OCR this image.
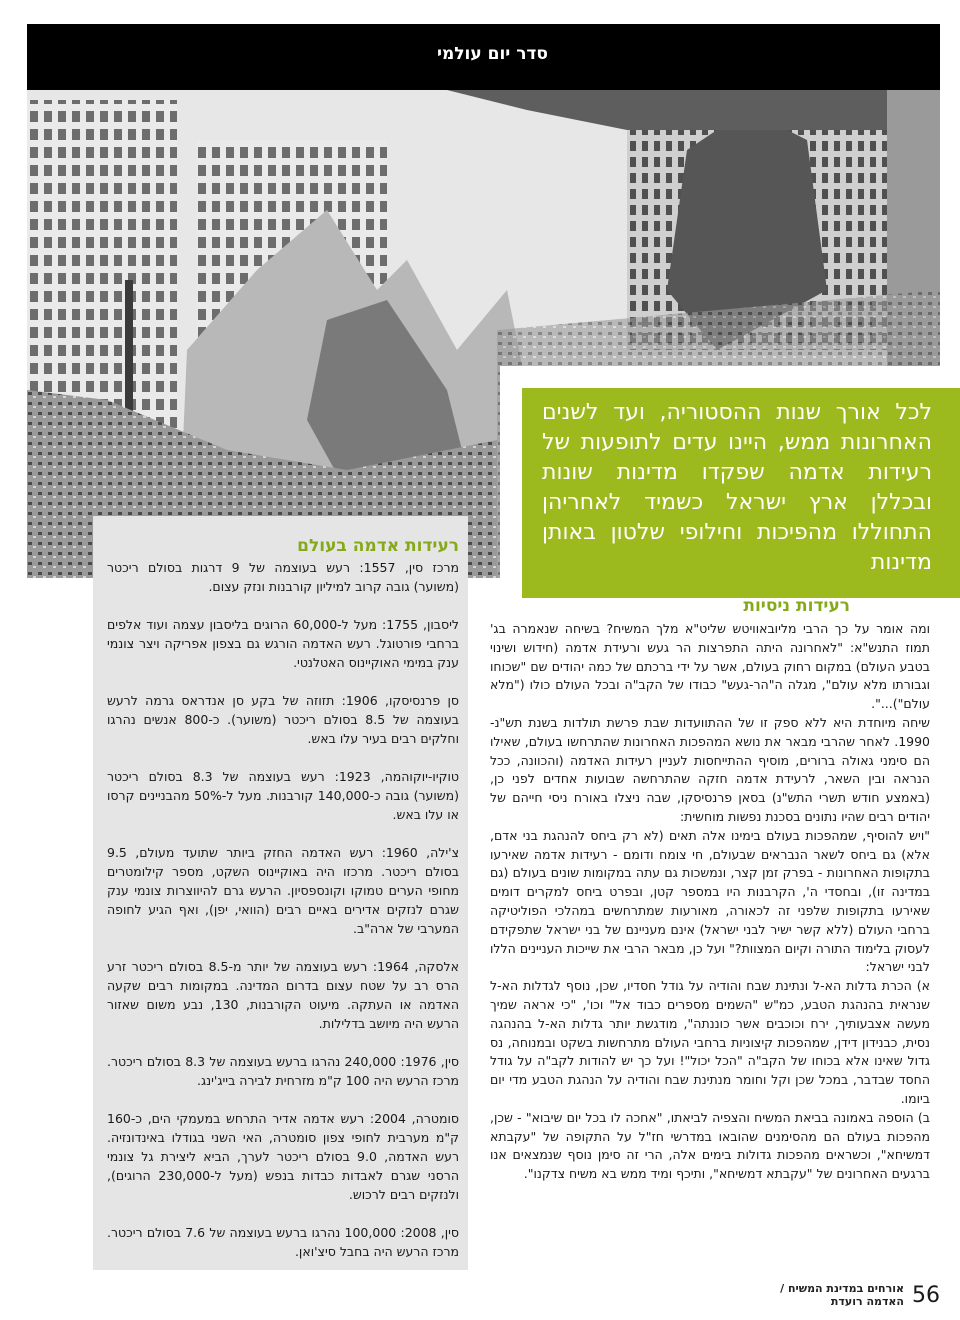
סדר יום עולמי
לכל אורך שנות ההסטוריה, ועד לשנים האחרונות ממש, היינו עדים לתופעות של רעידות אדמה שפקדו מדינות שונות ובכללן ארץ ישראל כשמיד לאחריהן התחוללו מהפיכות וחילופי שלטון באותן מדינות
רעידות אדמה בעולם
מרכז סין, 1557: רעש בעוצמה של 9 דרגות בסולם ריכטר (משוער) גובה קרוב למיליון קורבנות ונזק עצום.
ליסבון, 1755: מעל ל-60,000 הרוגים בליסבון עצמה ועוד אלפים ברחבי פורטוגל. רעש האדמה הורגש גם בצפון אפריקה ויצר צונמי ענק במימי האוקיינוס האטלנטי.
סן פרנסיסקו, 1906: תזוזה של בקע סן אנדראס גרמה לרעש בעוצמה של 8.5 בסולם ריכטר (משוער). כ-800 אנשים נהרגו וחלקים רבים בעיר עלו באש.
טוקיו-יוקוהמה, 1923: רעש בעוצמה של 8.3 בסולם ריכטר (משוער) גובה כ-140,000 קורבנות. מעל ל-50% מהבניינים קרסו או עלו באש.
צ'ילה, 1960: רעש האדמה החזק ביותר שתועד מעולם, 9.5 בסולם ריכטר. מרכזו היה באוקיינוס השקט, מספר קילומטרים מחופי הערים טמוקו וקונספסיון. הרעש גרם להיווצרות צונמי ענק שגרם לנזקים אדירים באיים רבים (הוואי, יפן), ואף הגיע לחופה המערבי של ארה"ב.
אלסקה, 1964: רעש בעוצמה של יותר מ-8.5 בסולם ריכטר זרע הרס רב על שטח עצום בדרום המדינה. במקומות רבים שקעה האדמה או העתקה. מיעוט הקורבנות, 130, נבע משום שאזור הרעש היה מיושב בדלילות.
סין, 1976: 240,000 נהרגו ברעש בעוצמה של 8.3 בסולם ריכטר. מרכז הרעש היה 100 ק"מ מזרחית לבירה בייג'ינג.
סומטרה, 2004: רעש אדמה אדיר התרחש במעמקי הים, כ-160 ק"מ מערבית לחופי צפון סומטרה, האי השני בגודלו באינדונזיה. רעש האדמה, 9.0 בסולם ריכטר לערך, הביא ליצירת גל צונמי הרסני שגרם לאבדות כבדות בנפש (מעל ל-230,000 הרוגים), ולנזקים רבים לרכוש.
סין, 2008: 100,000 נהרגו ברעש בעוצמה של 7.6 בסולם ריכטר. מרכז הרעש היה בחבל סיצ'ואן.
רעידות ניסיות

ומה אומר על כך הרבי מליובאוויטש שליט"א מלך המשיח? בשיחה שנאמרה בג' תמוז התנש"א: "לאחרונה היתה התפרצות הר געש ורעידת אדמה (חידוש ושינוי בטבע העולם) במקום רחוק בעולם, אשר על ידי ברכתם של כמה יהודים שם "שכוחו וגבורתו מלא עולם", מגלה ה"הר-געש" כבודו של הקב"ה ובכל העולם כולו ("מלא עולם")...".

שיחה מיוחדת היא ללא ספק זו של ההתוועדות שבת פרשת תולדות בשנת תש"נ- 1990. לאחר שהרבי מבאר את נושא המהפכות האחרונות שהתרחשו בעולם, שאילו הם סימני גאולה ברורים, מוסיף ההתייחסות לעניין רעידות האדמה (והכוונה, ככל הנראה ובין השאר, לרעידת אדמה חזקה שהתרחשה שבועות אחדים לפני כן, (באמצע חודש תשרי התש"נ) בסאן פרנסיסקו, שבה ניצלו באורח ניסי חייהם של יהודים רבים שהיו נתונים בסכנת נפשות מוחשית:

"ויש להוסיף, שמהפכות בעולם בימינו אלה תאים (לא רק ביחס להנהגת בני אדם, אלא) גם ביחס לשאר הנבראים שבעולם, חי צומח ודומם - רעידות אדמה שאירעו בתקופות האחרונות - בפרק זמן קצר, ונמשכות גם עתה במקומות שונים בעולם (גם במדינה זו), ובחסדי ה', הקרבנות היו במספר קטן, ובפרט ביחס למקרים דומים שאירעו בתקופות שלפני זה לכאורה, מאורעות שמתרחשים במהלכי הפוליטיקה ברחבי העולם (ללא קשר ישיר לבני ישראל) אינם מעניינם של בני ישראל שתפקידם לעסוק בלימוד התורה וקיום המצוות?" ועל כן, מבאר הרבי את שייכות העניינים הללו לבני ישראל:

א) הכרת גדלות הא-ל ונתינת שבח והודיה על גודל חסדיו, שכן, נוסף לגדלות הא-ל שנראית בהנהגת הטבע, כמ"ש "השמים מספרים כבוד אל" וכו', "כי אראה שמיך מעשה אצבעותיך, ירח וכוכבים אשר כוננתה", מודגשת יותר גדלות הא-ל בהנהגה נסית, כבנידון דידן, שמהפכות קיצוניות ברחבי העולם מתרחשות בשקט ובמנוחה, נס גדול שאינו אלא בכוחו של הקב"ה "הכל יכול"! ועל כך יש להודות לקב"ה על גודל החסד שבדבר, במכל שכן וקל וחומר מנתינת שבח והודיה על הנהגת הטבע מדי יום ביומו.

ב) הוספה באמונה בביאת המשיח והצפיה לביאתו, "אחכה לו בכל יום שיבוא" - שכן, מהפכות בעולם הם מהסימנים שהובאו במדרשי חז"ל על התקופה של "עקבתא דמשיחא", וכשראים מהפכות גדולות בימים אלה, הרי זה סימן נוסף שנמצאים אנו ברגעים האחרונים של "עקבתא דמשיחא", ותיכף ומיד ממש בא משיח צדקנו".

56
אורחים במדינת המשיח / האדמה רועדת
